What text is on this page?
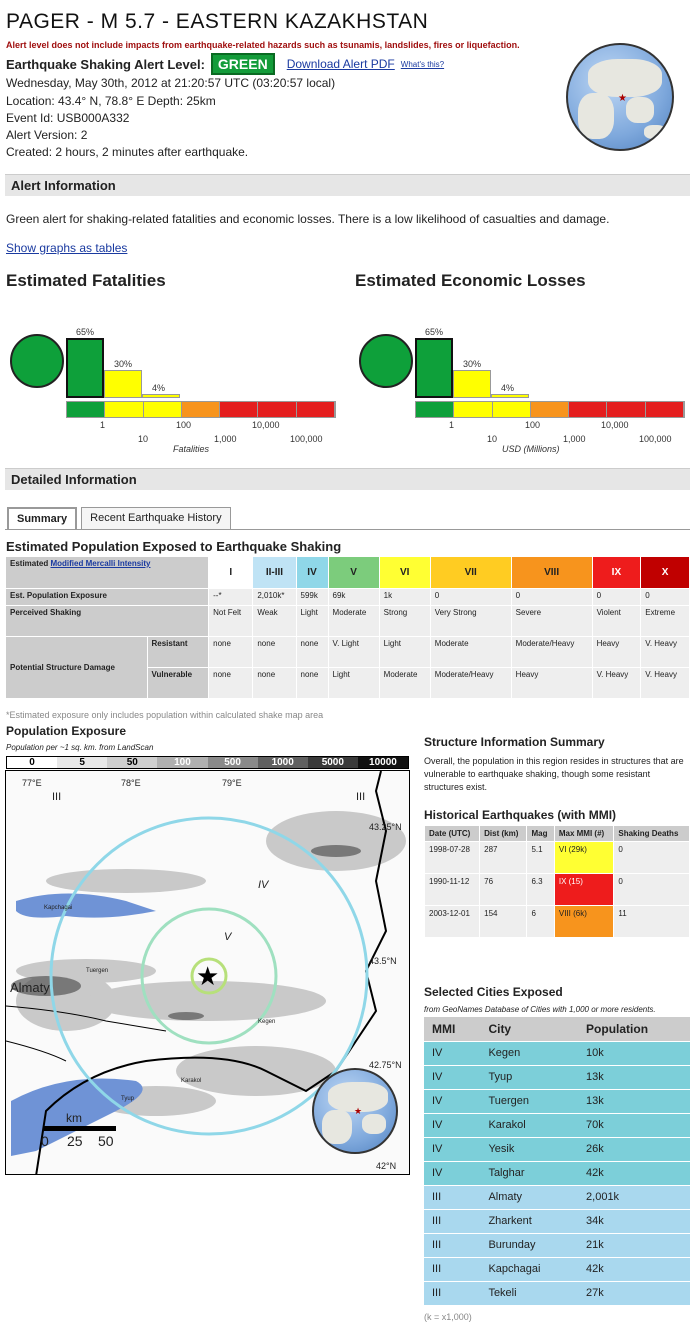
PAGER - M 5.7 - EASTERN KAZAKHSTAN
Alert level does not include impacts from earthquake-related hazards such as tsunamis, landslides, fires or liquefaction.
Earthquake Shaking Alert Level: GREEN	Download Alert PDF What's this?
Wednesday, May 30th, 2012 at 21:20:57 UTC (03:20:57 local)
Location: 43.4° N, 78.8° E Depth: 25km
Event Id: USB000A332
Alert Version: 2
Created: 2 hours, 2 minutes after earthquake.
★
Alert Information
Green alert for shaking-related fatalities and economic losses. There is a low likelihood of casualties and damage.
Show graphs as tables
Estimated Fatalities	Estimated Economic Losses
65%
30%
4%
1
10
100
1,000
10,000
100,000
Fatalities
65%
30%
4%
1
10
100
1,000
10,000
100,000
USD (Millions)
Detailed Information
Summary	Recent Earthquake History
Estimated Population Exposed to Earthquake Shaking
Estimated Modified Mercalli Intensity		I	II-III	IV	V	VI	VII	VIII	IX	X
Est. Population Exposure		--*	2,010k*	599k	69k	1k	0	0	0	0
Perceived Shaking		Not Felt	Weak	Light	Moderate	Strong	Very Strong	Severe	Violent	Extreme
Potential Structure Damage	Resistant	none	none	none	V. Light	Light	Moderate	Moderate/Heavy	Heavy	V. Heavy
	Vulnerable	none	none	none	Light	Moderate	Moderate/Heavy	Heavy	V. Heavy	V. Heavy
*Estimated exposure only includes population within calculated shake map area
Population Exposure
Population per ~1 sq. km. from LandScan
0	5	50	100	500	1000	5000	10000
★
77°E	78°E	79°E
43.5°N
42.75°N
42°N
43.25°N
III	III
IV
V
Almaty
Kegen
Karakol
Kapchagai
Tuergen
Tyup
km
0 25 50
★
Structure Information Summary
Overall, the population in this region resides in structures that are vulnerable to earthquake shaking, though some resistant structures exist.
Historical Earthquakes (with MMI)
Date (UTC)	Dist (km)	Mag	Max MMI (#)	Shaking Deaths
1998-07-28	287	5.1	VI (29k)	0
1990-11-12	76	6.3	IX (15)	0
2003-12-01	154	6	VIII (6k)	11
Selected Cities Exposed
from GeoNames Database of Cities with 1,000 or more residents.
MMI	City	Population
IV	Kegen	10k
IV	Tyup	13k
IV	Tuergen	13k
IV	Karakol	70k
IV	Yesik	26k
IV	Talghar	42k
III	Almaty	2,001k
III	Zharkent	34k
III	Burunday	21k
III	Kapchagai	42k
III	Tekeli	27k
(k = x1,000)
